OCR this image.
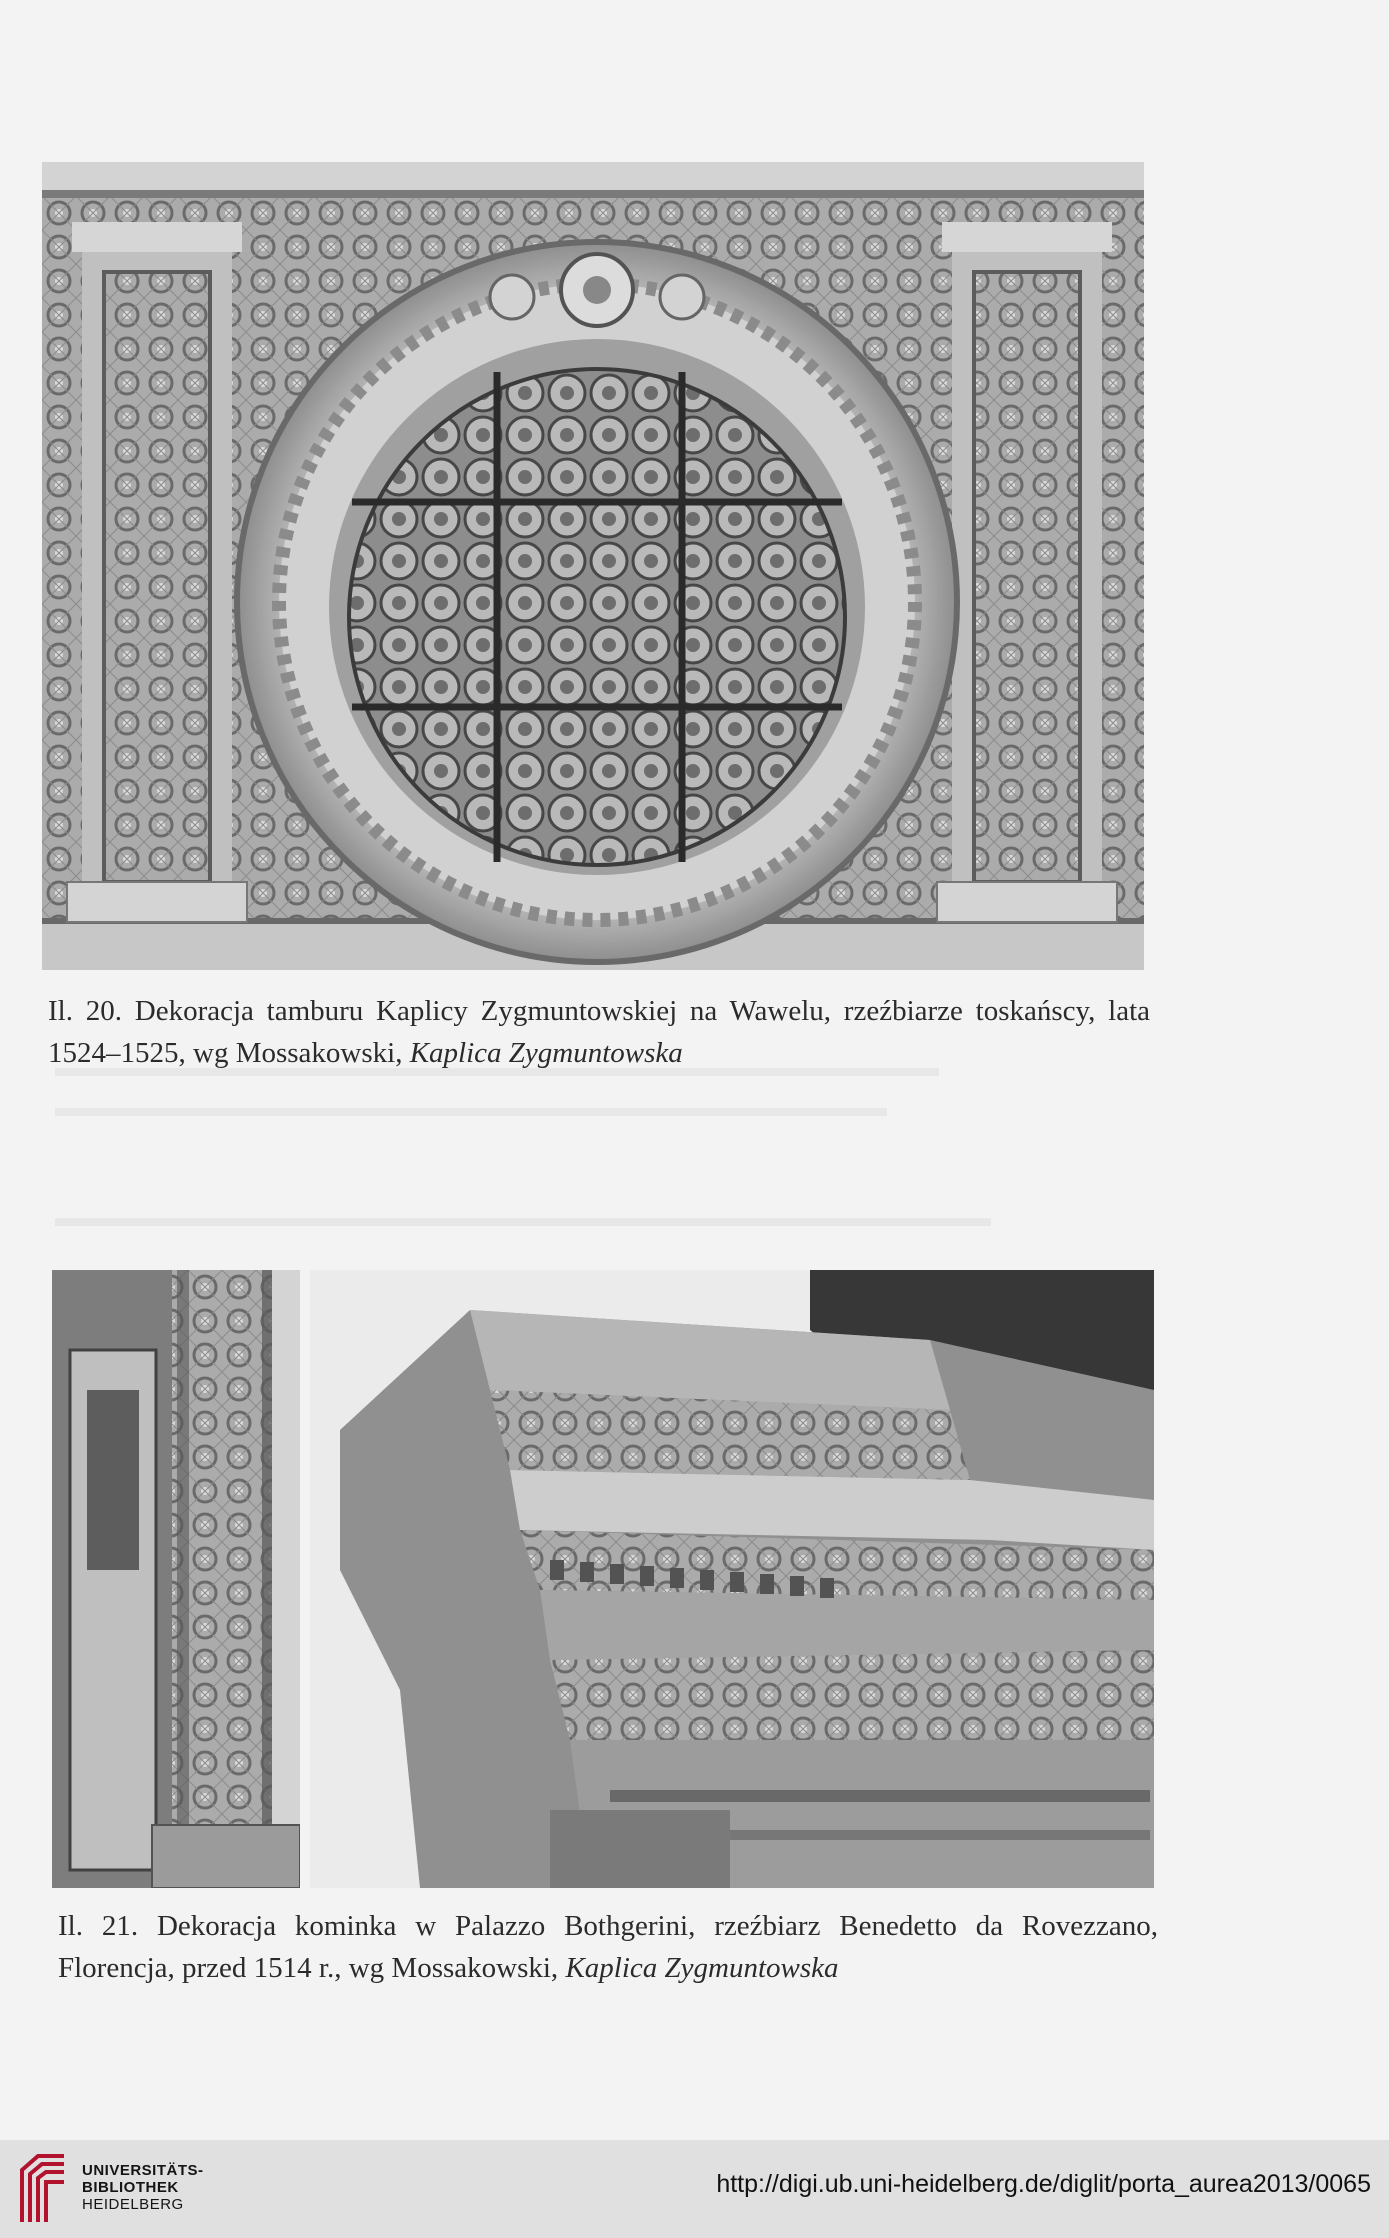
Il. 20. Dekoracja tamburu Kaplicy Zygmuntowskiej na Wawelu, rzeźbiarze toskańscy, lata 1524–1525, wg Mossakowski, Kaplica Zygmuntowska
Il. 21. Dekoracja kominka w Palazzo Bothgerini, rzeźbiarz Benedetto da Rovezzano, Florencja, przed 1514 r., wg Mossakowski, Kaplica Zygmuntowska
UNIVERSITÄTS-
BIBLIOTHEK
HEIDELBERG
http://digi.ub.uni-heidelberg.de/diglit/porta_aurea2013/0065
